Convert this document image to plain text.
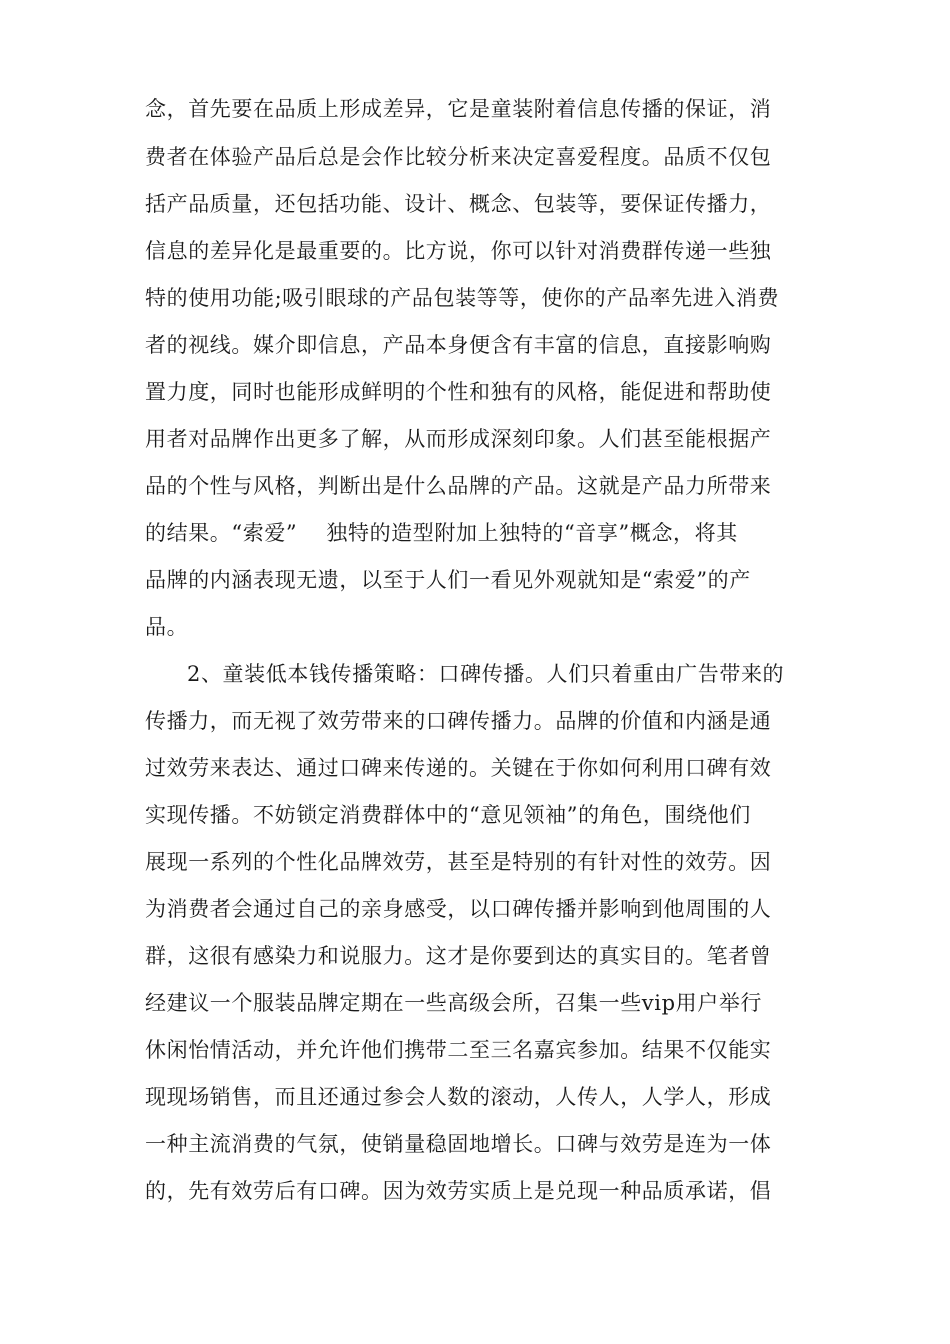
念，首先要在品质上形成差异，它是童装附着信息传播的保证，消
费者在体验产品后总是会作比较分析来决定喜爱程度。品质不仅包
括产品质量，还包括功能、设计、概念、包装等，要保证传播力，
信息的差异化是最重要的。比方说，你可以针对消费群传递一些独
特的使用功能;吸引眼球的产品包装等等，使你的产品率先进入消费
者的视线。媒介即信息，产品本身便含有丰富的信息，直接影响购
置力度，同时也能形成鲜明的个性和独有的风格，能促进和帮助使
用者对品牌作出更多了解，从而形成深刻印象。人们甚至能根据产
品的个性与风格，判断出是什么品牌的产品。这就是产品力所带来
的结果。“索爱”    独特的造型附加上独特的“音享”概念，将其
品牌的内涵表现无遗，以至于人们一看见外观就知是“索爱”的产
品。
2、童装低本钱传播策略：口碑传播。人们只着重由广告带来的
传播力，而无视了效劳带来的口碑传播力。品牌的价值和内涵是通
过效劳来表达、通过口碑来传递的。关键在于你如何利用口碑有效
实现传播。不妨锁定消费群体中的“意见领袖”的角色，围绕他们
展现一系列的个性化品牌效劳，甚至是特别的有针对性的效劳。因
为消费者会通过自己的亲身感受，以口碑传播并影响到他周围的人
群，这很有感染力和说服力。这才是你要到达的真实目的。笔者曾
经建议一个服装品牌定期在一些高级会所，召集一些vip用户举行
休闲怡情活动，并允许他们携带二至三名嘉宾参加。结果不仅能实
现现场销售，而且还通过参会人数的滚动，人传人，人学人，形成
一种主流消费的气氛，使销量稳固地增长。口碑与效劳是连为一体
的，先有效劳后有口碑。因为效劳实质上是兑现一种品质承诺，倡
